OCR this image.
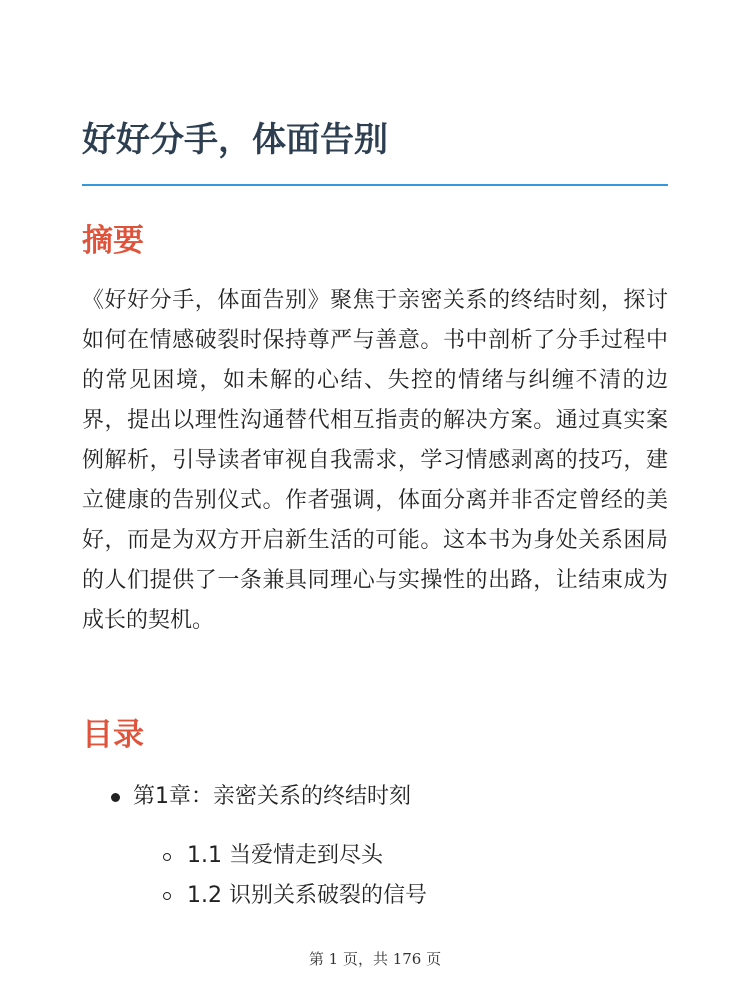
好好分手，体面告别
摘要

《好好分手，体面告别》聚焦于亲密关系的终结时刻，探讨如何在情感破裂时保持尊严与善意。书中剖析了分手过程中的常见困境，如未解的心结、失控的情绪与纠缠不清的边界，提出以理性沟通替代相互指责的解决方案。通过真实案例解析，引导读者审视自我需求，学习情感剥离的技巧，建立健康的告别仪式。作者强调，体面分离并非否定曾经的美好，而是为双方开启新生活的可能。这本书为身处关系困局的人们提供了一条兼具同理心与实操性的出路，让结束成为成长的契机。

目录
第1章：亲密关系的终结时刻
1.1 当爱情走到尽头
1.2 识别关系破裂的信号
第 1 页，共 176 页
